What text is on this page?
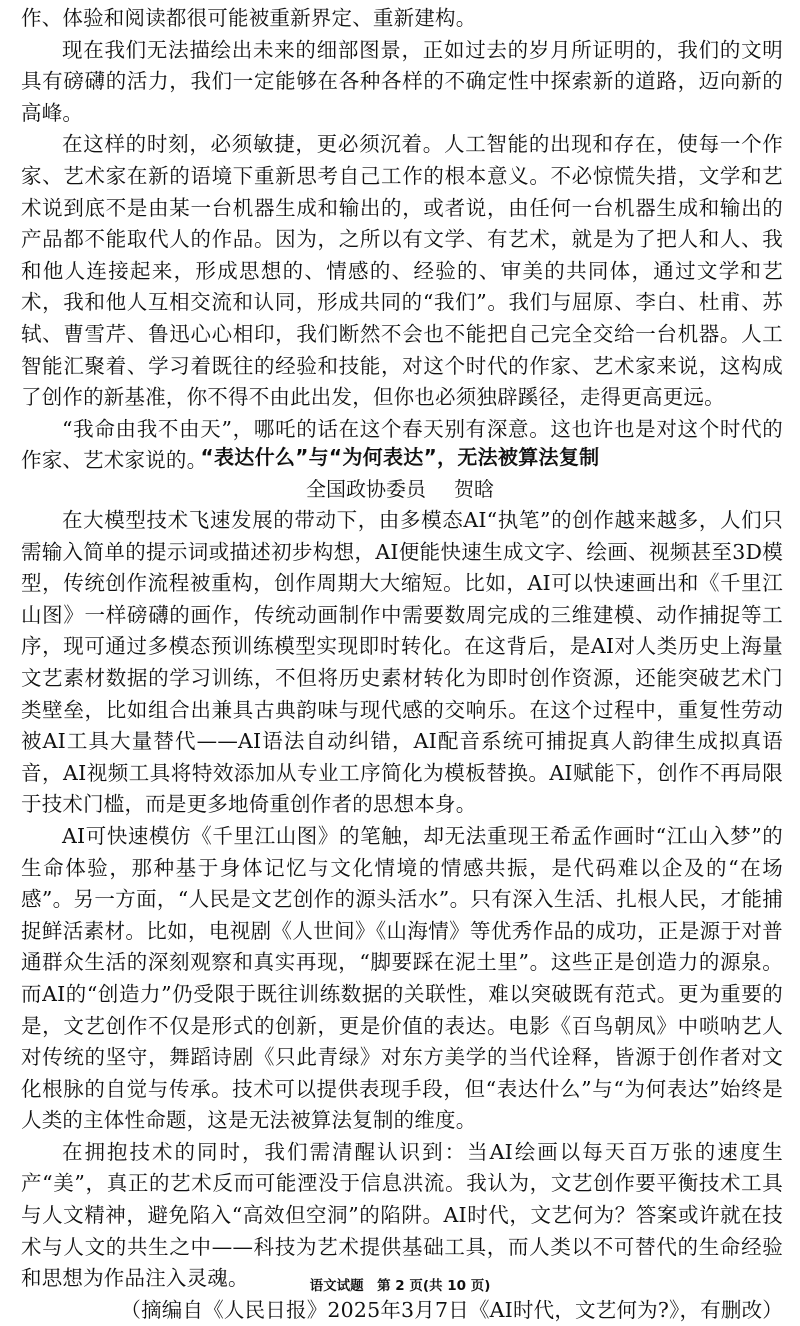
作、体验和阅读都很可能被重新界定、重新建构。

现在我们无法描绘出未来的细部图景，正如过去的岁月所证明的，我们的文明具有磅礴的活力，我们一定能够在各种各样的不确定性中探索新的道路，迈向新的高峰。

在这样的时刻，必须敏捷，更必须沉着。人工智能的出现和存在，使每一个作家、艺术家在新的语境下重新思考自己工作的根本意义。不必惊慌失措，文学和艺术说到底不是由某一台机器生成和输出的，或者说，由任何一台机器生成和输出的产品都不能取代人的作品。因为，之所以有文学、有艺术，就是为了把人和人、我和他人连接起来，形成思想的、情感的、经验的、审美的共同体，通过文学和艺术，我和他人互相交流和认同，形成共同的“我们”。我们与屈原、李白、杜甫、苏轼、曹雪芹、鲁迅心心相印，我们断然不会也不能把自己完全交给一台机器。人工智能汇聚着、学习着既往的经验和技能，对这个时代的作家、艺术家来说，这构成了创作的新基准，你不得不由此出发，但你也必须独辟蹊径，走得更高更远。

“我命由我不由天”，哪吒的话在这个春天别有深意。这也许也是对这个时代的作家、艺术家说的。

“表达什么”与“为何表达”，无法被算法复制
全国政协委员 贺晗

在大模型技术飞速发展的带动下，由多模态AI“执笔”的创作越来越多，人们只需输入简单的提示词或描述初步构想，AI便能快速生成文字、绘画、视频甚至3D模型，传统创作流程被重构，创作周期大大缩短。比如，AI可以快速画出和《千里江山图》一样磅礴的画作，传统动画制作中需要数周完成的三维建模、动作捕捉等工序，现可通过多模态预训练模型实现即时转化。在这背后，是AI对人类历史上海量文艺素材数据的学习训练，不但将历史素材转化为即时创作资源，还能突破艺术门类壁垒，比如组合出兼具古典韵味与现代感的交响乐。在这个过程中，重复性劳动被AI工具大量替代——AI语法自动纠错，AI配音系统可捕捉真人韵律生成拟真语音，AI视频工具将特效添加从专业工序简化为模板替换。AI赋能下，创作不再局限于技术门槛，而是更多地倚重创作者的思想本身。

AI可快速模仿《千里江山图》的笔触，却无法重现王希孟作画时“江山入梦”的生命体验，那种基于身体记忆与文化情境的情感共振，是代码难以企及的“在场感”。另一方面，“人民是文艺创作的源头活水”。只有深入生活、扎根人民，才能捕捉鲜活素材。比如，电视剧《人世间》《山海情》等优秀作品的成功，正是源于对普通群众生活的深刻观察和真实再现，“脚要踩在泥土里”。这些正是创造力的源泉。而AI的“创造力”仍受限于既往训练数据的关联性，难以突破既有范式。更为重要的是，文艺创作不仅是形式的创新，更是价值的表达。电影《百鸟朝凤》中唢呐艺人对传统的坚守，舞蹈诗剧《只此青绿》对东方美学的当代诠释，皆源于创作者对文化根脉的自觉与传承。技术可以提供表现手段，但“表达什么”与“为何表达”始终是人类的主体性命题，这是无法被算法复制的维度。

在拥抱技术的同时，我们需清醒认识到：当AI绘画以每天百万张的速度生产“美”，真正的艺术反而可能湮没于信息洪流。我认为，文艺创作要平衡技术工具与人文精神，避免陷入“高效但空洞”的陷阱。AI时代，文艺何为？答案或许就在技术与人文的共生之中——科技为艺术提供基础工具，而人类以不可替代的生命经验和思想为作品注入灵魂。

（摘编自《人民日报》2025年3月7日《AI时代，文艺何为?》，有删改）

语文试题　第 2 页(共 10 页)
